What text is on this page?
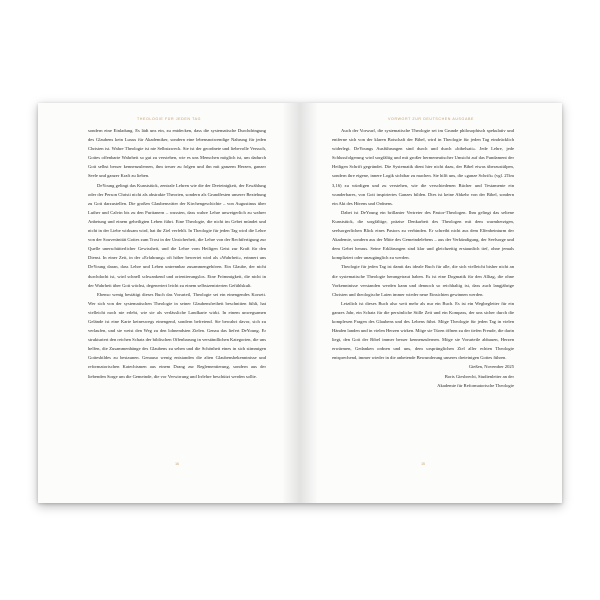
THEOLOGIE FÜR JEDEN TAG

sondern eine Einladung. Es lädt uns ein, zu entdecken, dass die systematische Durchdringung des Glaubens kein Luxus für Akademiker, sondern eine lebensnotwendige Nahrung für jeden Christen ist. Wahre Theologie ist nie Selbstzweck. Sie ist der geordnete und liebevolle Versuch, Gottes offenbarte Wahrheit so gut zu verstehen, wie es uns Menschen möglich ist, um dadurch Gott selbst besser kennenzulernen, ihm treuer zu folgen und ihn mit ganzem Herzen, ganzer Seele und ganzer Kraft zu lieben.

DeYoung gelingt das Kunststück, zentrale Lehren wie die der Dreieinigkeit, der Erwählung oder der Person Christi nicht als abstrakte Theorien, sondern als Grundfesten unserer Beziehung zu Gott darzustellen. Die großen Glaubensväter der Kirchengeschichte – von Augustinus über Luther und Calvin bis zu den Puritanern – wussten, dass wahre Lehre unweigerlich zu wahrer Anbetung und einem geheiligten Leben führt. Eine Theologie, die nicht im Gebet mündet und nicht in der Liebe wirksam wird, hat ihr Ziel verfehlt. In Theologie für jeden Tag wird die Lehre von der Souveränität Gottes zum Trost in der Unsicherheit, die Lehre von der Rechtfertigung zur Quelle unerschütterlicher Gewissheit, und die Lehre vom Heiligen Geist zur Kraft für den Dienst. In einer Zeit, in der »Erfahrung« oft höher bewertet wird als »Wahrheit«, erinnert uns DeYoung daran, dass Lehre und Leben untrennbar zusammengehören. Ein Glaube, der nicht durchdacht ist, wird schnell schwankend und orientierungslos. Eine Frömmigkeit, die nicht in der Wahrheit über Gott wächst, degeneriert leicht zu einem selbstzentrierten Gefühlskult.

Ebenso wenig bestätigt dieses Buch das Vorurteil, Theologie sei ein einengendes Korsett. Wer sich von der systematischen Theologie in seiner Glaubensfreiheit beschnitten fühlt, hat vielleicht noch nie erlebt, wie sie als verlässliche Landkarte wirkt. In einem unwegsamen Gelände ist eine Karte keineswegs einengend, sondern befreiend. Sie bewahrt davor, sich zu verlaufen, und sie weist den Weg zu den lohnendsten Zielen. Genau das liefert DeYoung. Er strukturiert den reichen Schatz der biblischen Offenbarung in verständlichen Kategorien, die uns helfen, die Zusammenhänge des Glaubens zu sehen und die Schönheit eines in sich stimmigen Gottesbildes zu bestaunen. Genauso wenig entstanden die alten Glaubensbekenntnisse und reformatorischen Katechismen aus einem Drang zur Reglementierung, sondern aus der liebenden Sorge um die Gemeinde, die vor Verwirrung und Irrlehre beschützt werden sollte.

16
VORWORT ZUR DEUTSCHEN AUSGABE

Auch der Vorwurf, die systematische Theologie sei im Grunde philosophisch spekulativ und entferne sich von der klaren Botschaft der Bibel, wird in Theologie für jeden Tag eindrücklich widerlegt. DeYoungs Ausführungen sind durch und durch »bibelsatt«. Jede Lehre, jede Schlussfolgerung wird sorgfältig und mit großer hermeneutischer Umsicht auf das Fundament der Heiligen Schrift gegründet. Die Systematik dient hier nicht dazu, der Bibel etwas überzustülpen, sondern ihre eigene, innere Logik sichtbar zu machen. Sie hilft uns, die »ganze Schrift« (vgl. 2Tim 3,16) zu würdigen und zu verstehen, wie die verschiedenen Bücher und Testamente ein wunderbares, von Gott inspiriertes Ganzes bilden. Dies ist keine Abkehr von der Bibel, sondern ein Akt des Hörens und Ordnens.

Dabei ist DeYoung ein brillanter Vertreter des Pastor-Theologen. Ihm gelingt das seltene Kunststück, die sorgfältige, präzise Denkarbeit des Theologen mit dem warmherzigen, seelsorgerlichen Blick eines Pastors zu verbinden. Er schreibt nicht aus dem Elfenbeinturm der Akademie, sondern aus der Mitte des Gemeindelebens – aus der Verkündigung, der Seelsorge und dem Gebet heraus. Seine Erklärungen sind klar und gleichzeitig erstaunlich tief, ohne jemals kompliziert oder unzugänglich zu werden.

Theologie für jeden Tag ist damit das ideale Buch für alle, die sich vielleicht bisher nicht an die systematische Theologie herangetraut haben. Es ist eine Dogmatik für den Alltag, die ohne Vorkenntnisse verstanden werden kann und dennoch so reichhaltig ist, dass auch langjährige Christen und theologische Laien immer wieder neue Einsichten gewinnen werden.

Letztlich ist dieses Buch also weit mehr als nur ein Buch. Es ist ein Wegbegleiter für ein ganzes Jahr, ein Schatz für die persönliche Stille Zeit und ein Kompass, der uns sicher durch die komplexen Fragen des Glaubens und des Lebens führt. Möge Theologie für jeden Tag in vielen Händen landen und in vielen Herzen wirken. Möge sie Türen öffnen zu der tiefen Freude, die darin liegt, den Gott der Bibel immer besser kennenzulernen. Möge sie Vorurteile abbauen, Herzen erwärmen, Gedanken ordnen und uns, dem ursprünglichen Ziel aller echten Theologie entsprechend, immer wieder in die anbetende Bewunderung unseres dreieinigen Gottes führen.

Gießen, November 2025
Boris Giesbrecht, Studienleiter an der
Akademie für Reformatorische Theologie
15
